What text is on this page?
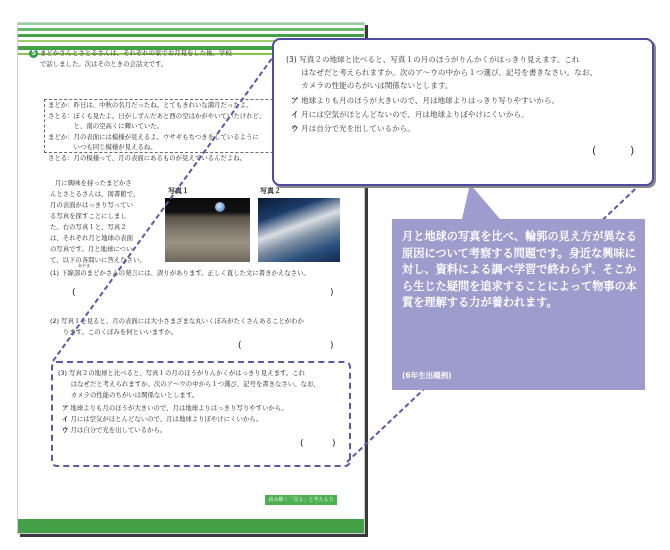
5 まどかさんとさとるさんは、それぞれの家でお月見をした後、学校
で話しました。次はそのときの会話文です。
まどか：昨日は、中秋の名月だったね。とてもきれいな満月だったよ。
さとる：ぼくも見たよ。日がしずんだあと西の空はかがやいていたけれど、
　　　　と、南の空高くに輝いていた。
まどか：月の表面には模様が見えるよ。ウサギもちつきをしているように
　　　　いつも同じ模様が見えるね。
さとる：月の模様って、月の表面にあるものが見えているんだよね。
月に興味を持ったまどかさ
んとさとるさんは、図書館で、
月の表面がはっきり写ってい
る写真を探すことにしまし
た。右の写真１と、写真２
は、それぞれ月と地球の表面
の写真です。月と地球につい
て、以下の各問いに答えなさい。
写真１	写真２
あやま
(1) 下線部のまどかさんの発言には、誤りがあります。正しく直した文に書きかえなさい。
(	)
(2) 写真１を見ると、月の表面には大小さまざまな丸いくぼみがたくさんあることがわか
　　ります。このくぼみを何といいますか。
(	)
(3) 写真２の地球と比べると、写真１の月のほうがりんかくがはっきり見えます。これ
　　はなぜだと考えられますか。次のア～ウの中から１つ選び、記号を書きなさい。なお、
　　カメラの性能のちがいは関係ないとします。
ア 地球よりも月のほうが大きいので、月は地球よりはっきり写りやすいから。
イ 月には空気がほとんどないので、月は地球よりぼやけにくいから。
ウ 月は自分で光を出しているから。
(	)
読み解く「見る」と考える力
(3) 写真２の地球と比べると、写真１の月のほうがりんかくがはっきり見えます。これ
　　はなぜだと考えられますか。次のア～ウの中から１つ選び、記号を書きなさい。なお、
　　カメラの性能のちがいは関係ないとします。
ア 地球よりも月のほうが大きいので、月は地球よりはっきり写りやすいから。
イ 月には空気がほとんどないので、月は地球よりぼやけにくいから。
ウ 月は自分で光を出しているから。
(	)
月と地球の写真を比べ、輪郭の見え方が異なる原因について考察する問題です。身近な興味に対し、資料による調べ学習で終わらず、そこから生じた疑問を追求することによって物事の本質を理解する力が養われます。
(6年生出題例)
